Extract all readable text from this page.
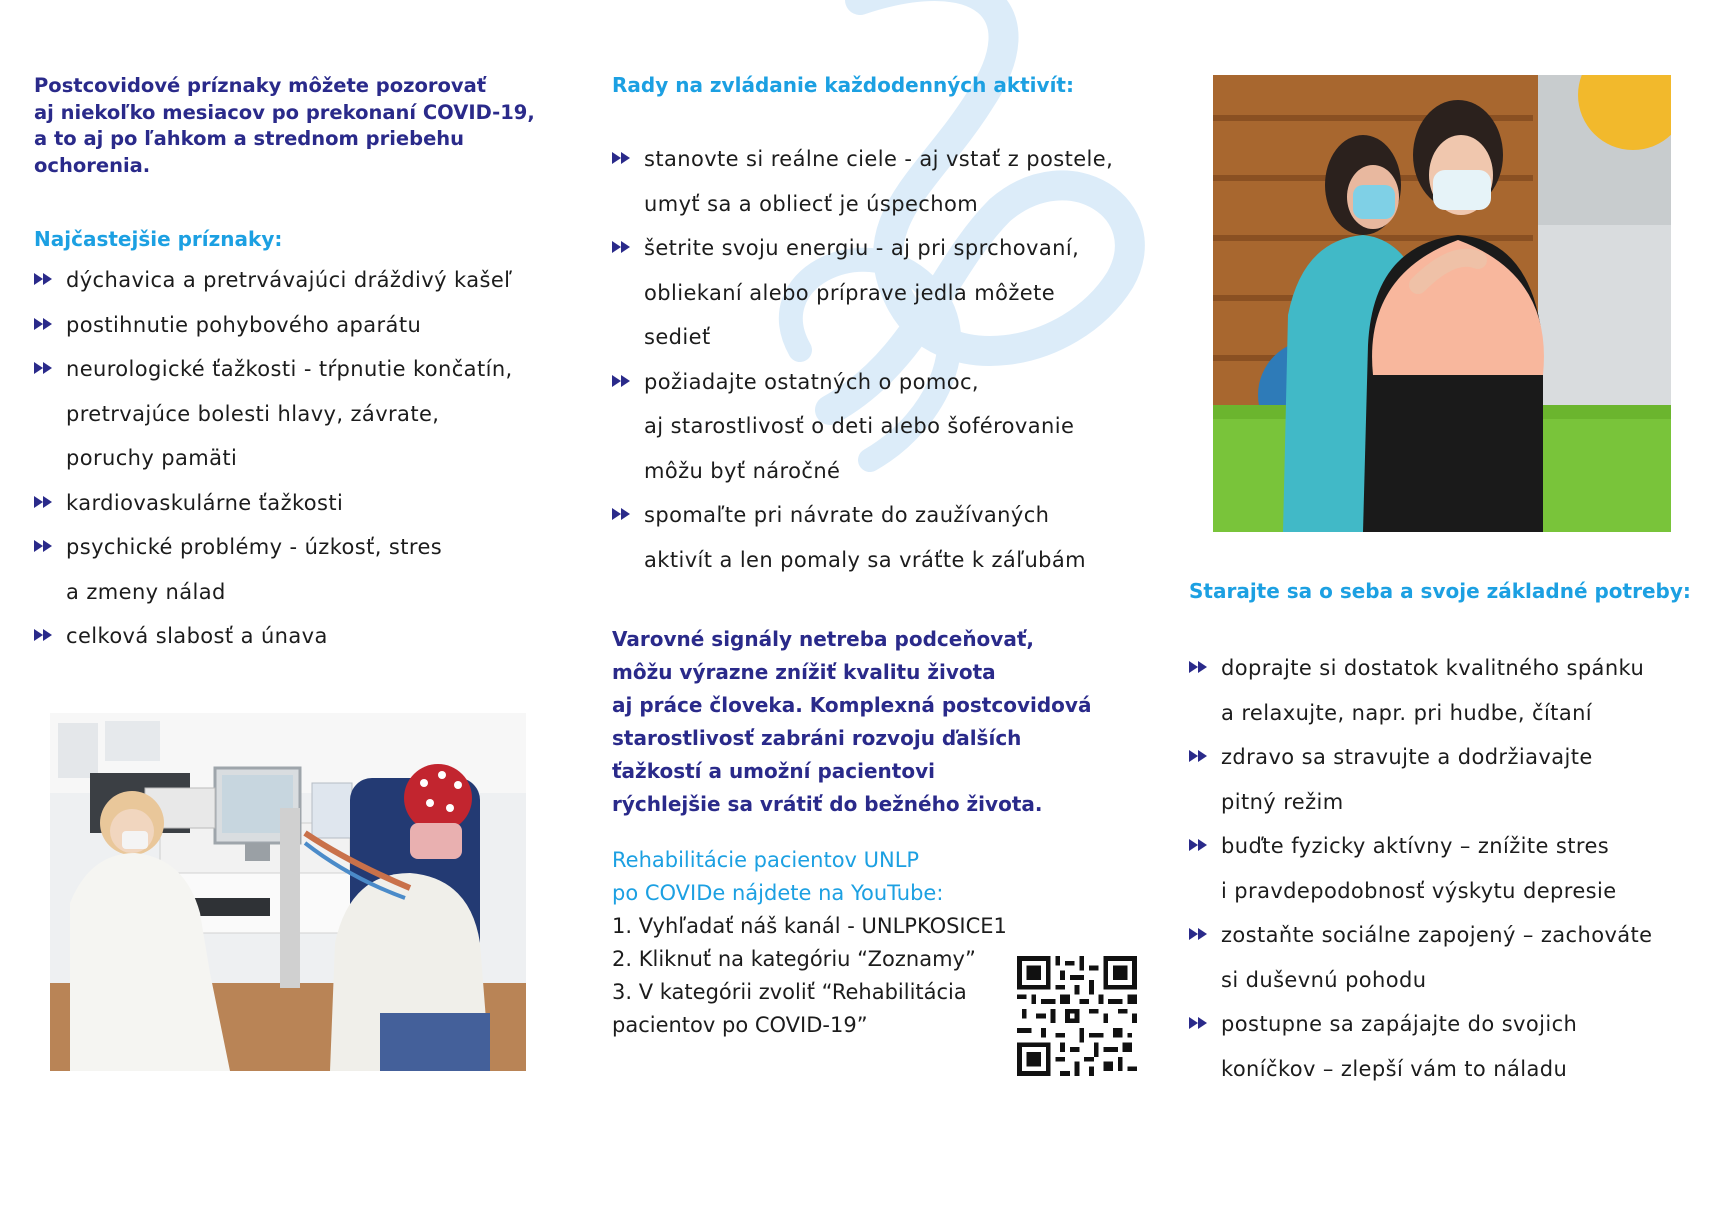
Postcovidové príznaky môžete pozorovať
aj niekoľko mesiacov po prekonaní COVID-19,
a to aj po ľahkom a strednom priebehu
ochorenia.

Najčastejšie príznaky:

dýchavica a pretrvávajúci dráždivý kašeľ
postihnutie pohybového aparátu
neurologické ťažkosti - tŕpnutie končatín,
pretrvajúce bolesti hlavy, závrate,
poruchy pamäti
kardiovaskulárne ťažkosti
psychické problémy - úzkosť, stres
a zmeny nálad
celková slabosť a únava

Rady na zvládanie každodenných aktivít:

stanovte si reálne ciele - aj vstať z postele,
umyť sa a obliecť je úspechom
šetrite svoju energiu - aj pri sprchovaní,
obliekaní alebo príprave jedla môžete
sedieť
požiadajte ostatných o pomoc,
aj starostlivosť o deti alebo šoférovanie
môžu byť náročné
spomaľte pri návrate do zaužívaných
aktivít a len pomaly sa vráťte k záľubám

Varovné signály netreba podceňovať,
môžu výrazne znížiť kvalitu života
aj práce človeka. Komplexná postcovidová
starostlivosť zabráni rozvoju ďalších
ťažkostí a umožní pacientovi
rýchlejšie sa vrátiť do bežného života.

Rehabilitácie pacientov UNLP
po COVIDe nájdete na YouTube:

1. Vyhľadať náš kanál - UNLPKOSICE1
2. Kliknuť na kategóriu “Zoznamy”
3. V kategórii zvoliť “Rehabilitácia
pacientov po COVID-19”

Starajte sa o seba a svoje základné potreby:

doprajte si dostatok kvalitného spánku
a relaxujte, napr. pri hudbe, čítaní
zdravo sa stravujte a dodržiavajte
pitný režim
buďte fyzicky aktívny – znížite stres
i pravdepodobnosť výskytu depresie
zostaňte sociálne zapojený – zachováte
si duševnú pohodu
postupne sa zapájajte do svojich
koníčkov – zlepší vám to náladu
